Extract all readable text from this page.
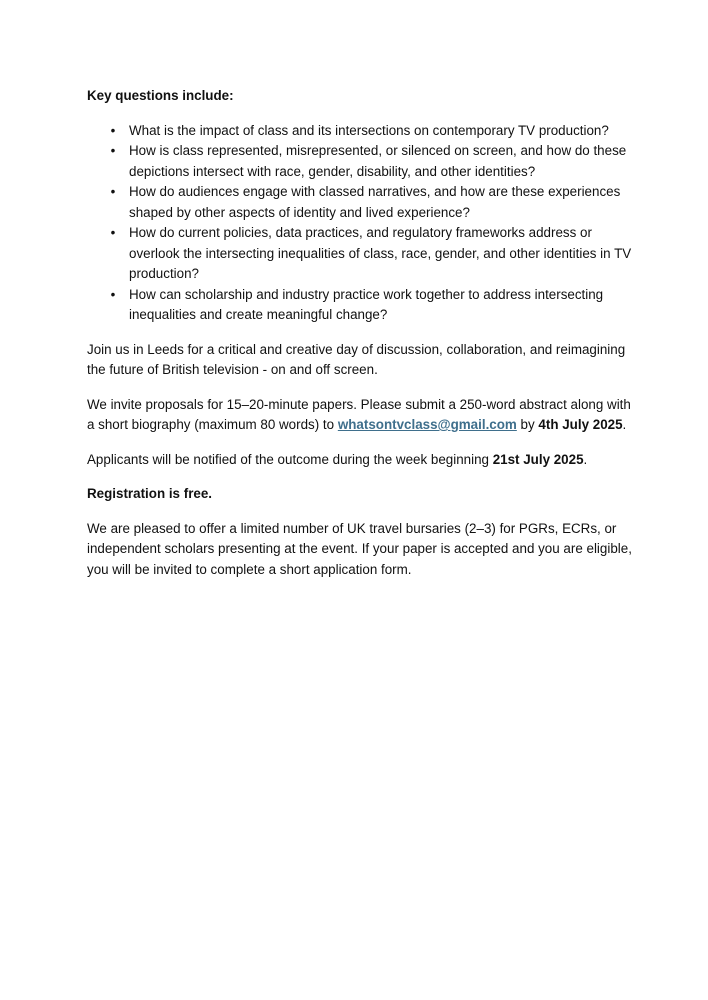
Key questions include:
• What is the impact of class and its intersections on contemporary TV production?
• How is class represented, misrepresented, or silenced on screen, and how do these depictions intersect with race, gender, disability, and other identities?
• How do audiences engage with classed narratives, and how are these experiences shaped by other aspects of identity and lived experience?
• How do current policies, data practices, and regulatory frameworks address or overlook the intersecting inequalities of class, race, gender, and other identities in TV production?
• How can scholarship and industry practice work together to address intersecting inequalities and create meaningful change?

Join us in Leeds for a critical and creative day of discussion, collaboration, and reimagining the future of British television - on and off screen.

We invite proposals for 15–20-minute papers. Please submit a 250-word abstract along with a short biography (maximum 80 words) to whatsontvclass@gmail.com by 4th July 2025.

Applicants will be notified of the outcome during the week beginning 21st July 2025.

Registration is free.

We are pleased to offer a limited number of UK travel bursaries (2–3) for PGRs, ECRs, or independent scholars presenting at the event. If your paper is accepted and you are eligible, you will be invited to complete a short application form.
